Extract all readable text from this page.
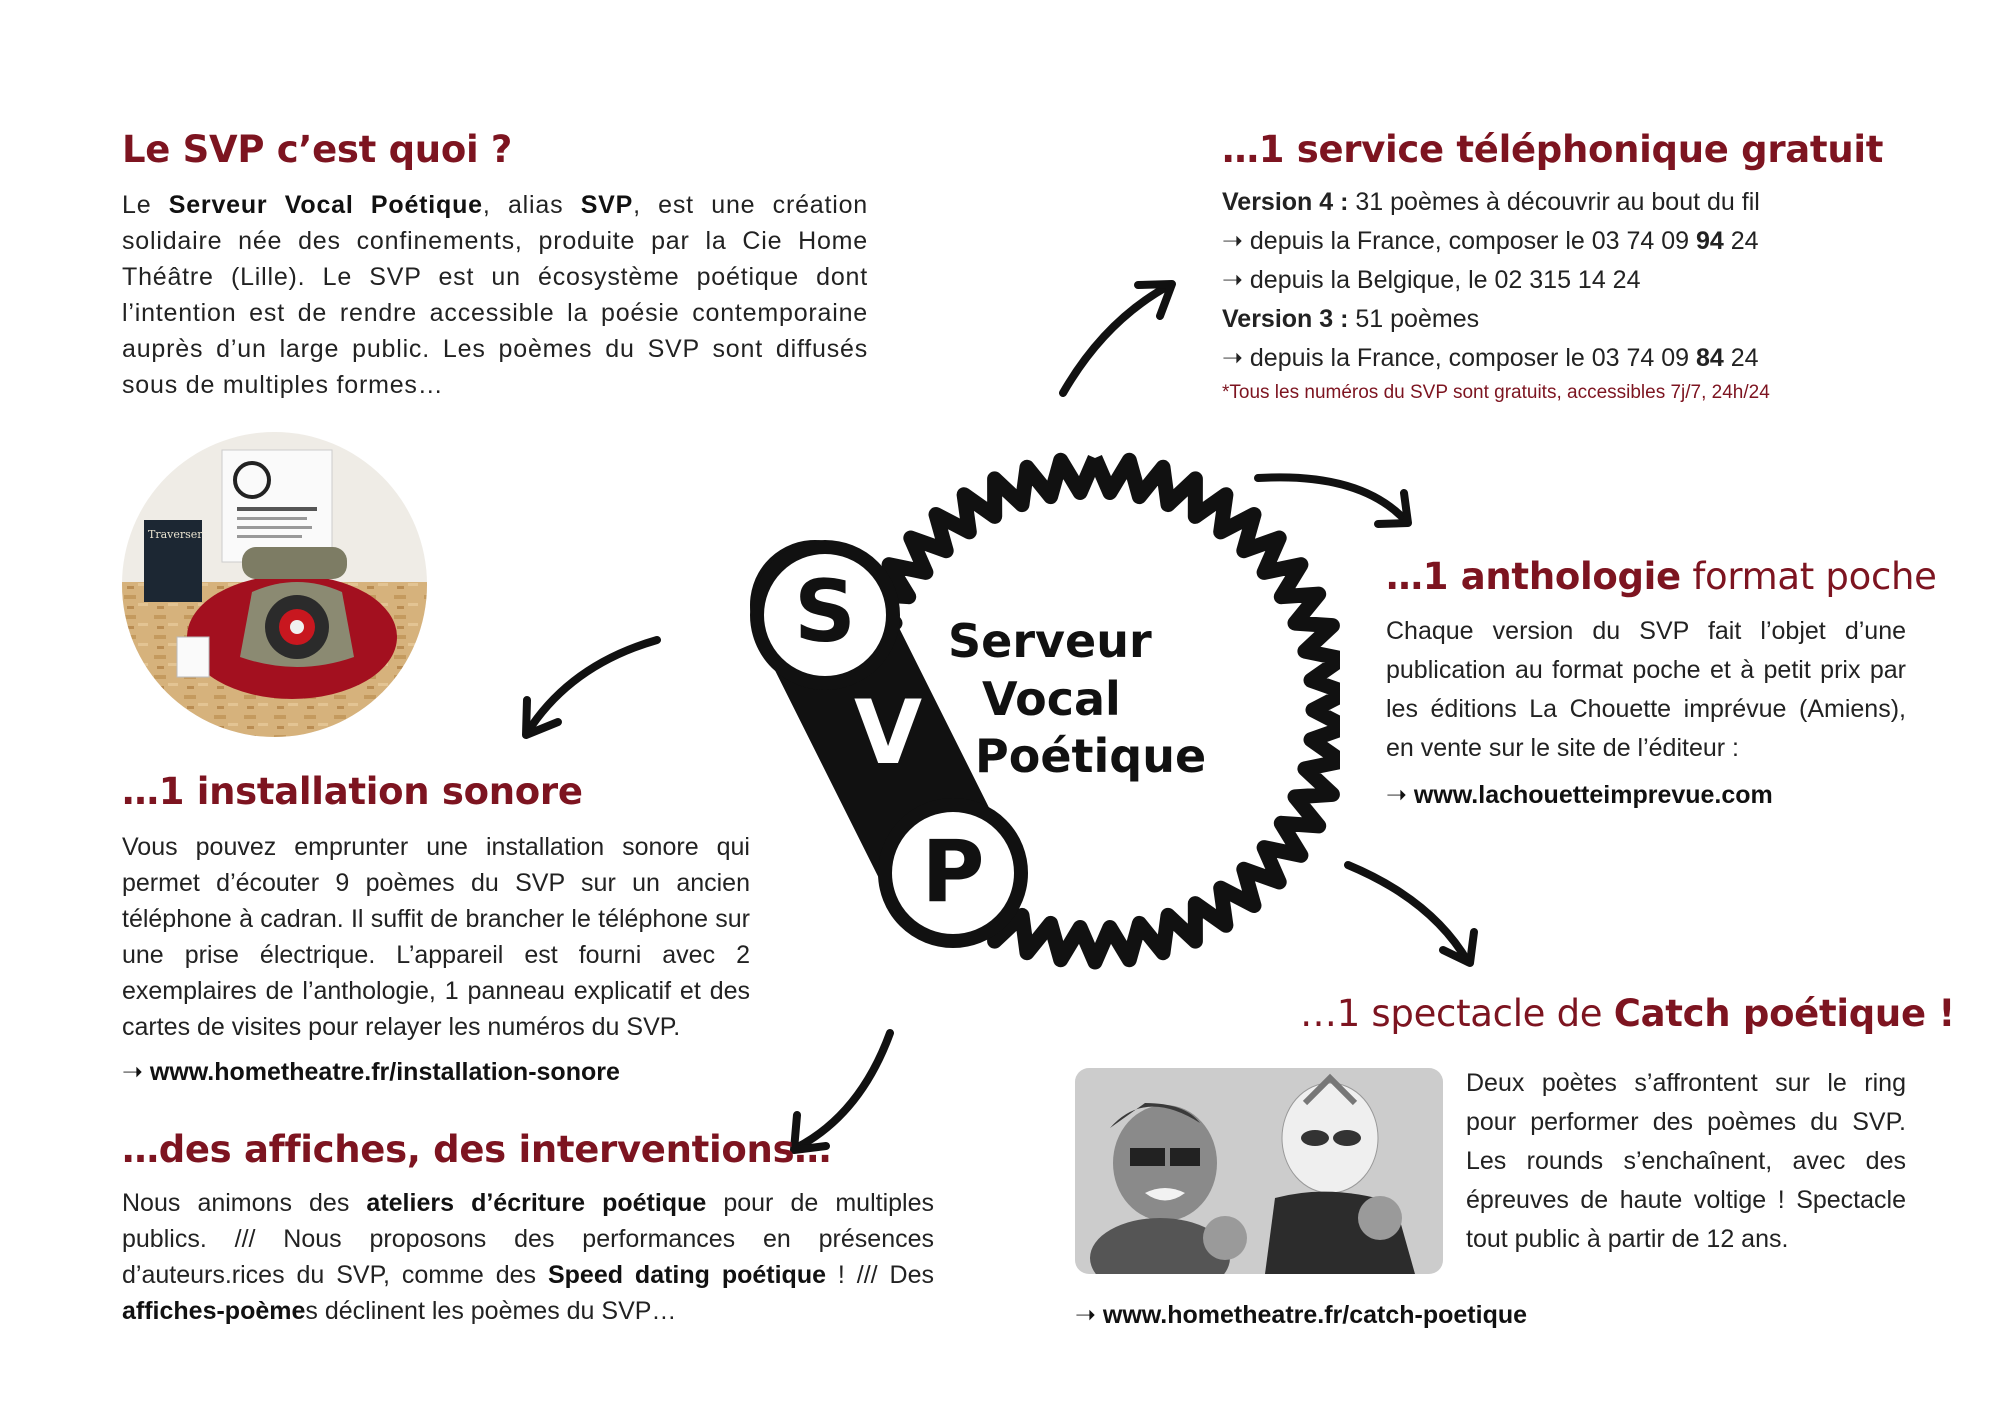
Le SVP c’est quoi ?

Le Serveur Vocal Poétique, alias SVP, est une création solidaire née des confinements, produite par la Cie Home Théâtre (Lille). Le SVP est un écosystème poétique dont l’intention est de rendre accessible la poésie contemporaine auprès d’un large public. Les poèmes du SVP sont diffusés sous de multiples formes…

…1 service téléphonique gratuit
Version 4 : 31 poèmes à découvrir au bout du fil
➝ depuis la France, composer le 03 74 09 94 24
➝ depuis la Belgique, le 02 315 14 24
Version 3 : 51 poèmes
➝ depuis la France, composer le 03 74 09 84 24
*Tous les numéros du SVP sont gratuits, accessibles 7j/7, 24h/24
Traverser
S
V
P
Serveur
Vocal
Poétique
…1 anthologie format poche

Chaque version du SVP fait l’objet d’une publication au format poche et à petit prix par les éditions La Chouette imprévue (Amiens), en vente sur le site de l’éditeur :

➝ www.lachouetteimprevue.com
…1 installation sonore

Vous pouvez emprunter une installation sonore qui permet d’écouter 9 poèmes du SVP sur un ancien téléphone à cadran. Il suffit de brancher le téléphone sur une prise électrique. L’appareil est fourni avec 2 exemplaires de l’anthologie, 1 panneau explicatif et des cartes de visites pour relayer les numéros du SVP.

➝ www.hometheatre.fr/installation-sonore
…1 spectacle de Catch poétique !

Deux poètes s’affrontent sur le ring pour performer des poèmes du SVP. Les rounds s’enchaînent, avec des épreuves de haute voltige ! Spectacle tout public à partir de 12 ans.

➝ www.hometheatre.fr/catch-poetique
…des affiches, des interventions…

Nous animons des ateliers d’écriture poétique pour de multiples publics. /// Nous proposons des performances en présences d’auteurs.rices du SVP, comme des Speed dating poétique ! /// Des affiches-poèmes déclinent les poèmes du SVP…
